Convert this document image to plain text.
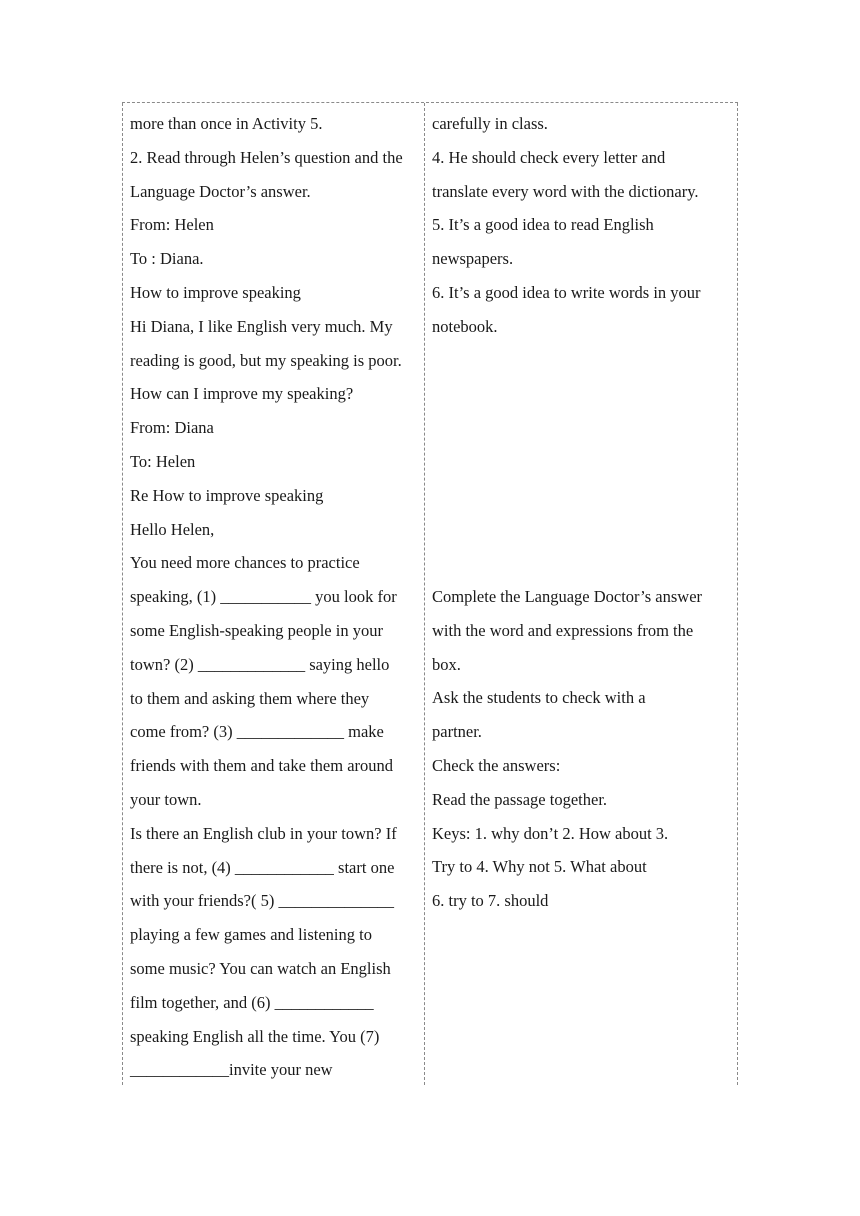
more than once in Activity 5.
2. Read through Helen’s question and the
Language Doctor’s answer.
From: Helen
To : Diana.
How to improve speaking
Hi Diana, I like English very much. My
reading is good, but my speaking is poor.
How can I improve my speaking?
From: Diana
To: Helen
Re How to improve speaking
Hello Helen,
You need more chances to practice
speaking, (1) ___________ you look for
some English-speaking people in your
town? (2) _____________ saying hello
to them and asking them where they
come from? (3) _____________ make
friends with them and take them around
your town.
Is there an English club in your town? If
there is not, (4) ____________ start one
with your friends?( 5) ______________
playing a few games and listening to
some music? You can watch an English
film together, and (6) ____________
speaking English all the time. You (7)
____________invite your new
carefully in class.
4. He should check every letter and
translate every word with the dictionary.
5. It’s a good idea to read English
newspapers.
6. It’s a good idea to write words in your
notebook.
Complete the Language Doctor’s answer
with the word and expressions from the
box.
Ask the students to check with a
partner.
Check the answers:
Read the passage together.
Keys: 1. why don’t 2. How about 3.
Try to 4. Why not 5. What about
6. try to 7. should
